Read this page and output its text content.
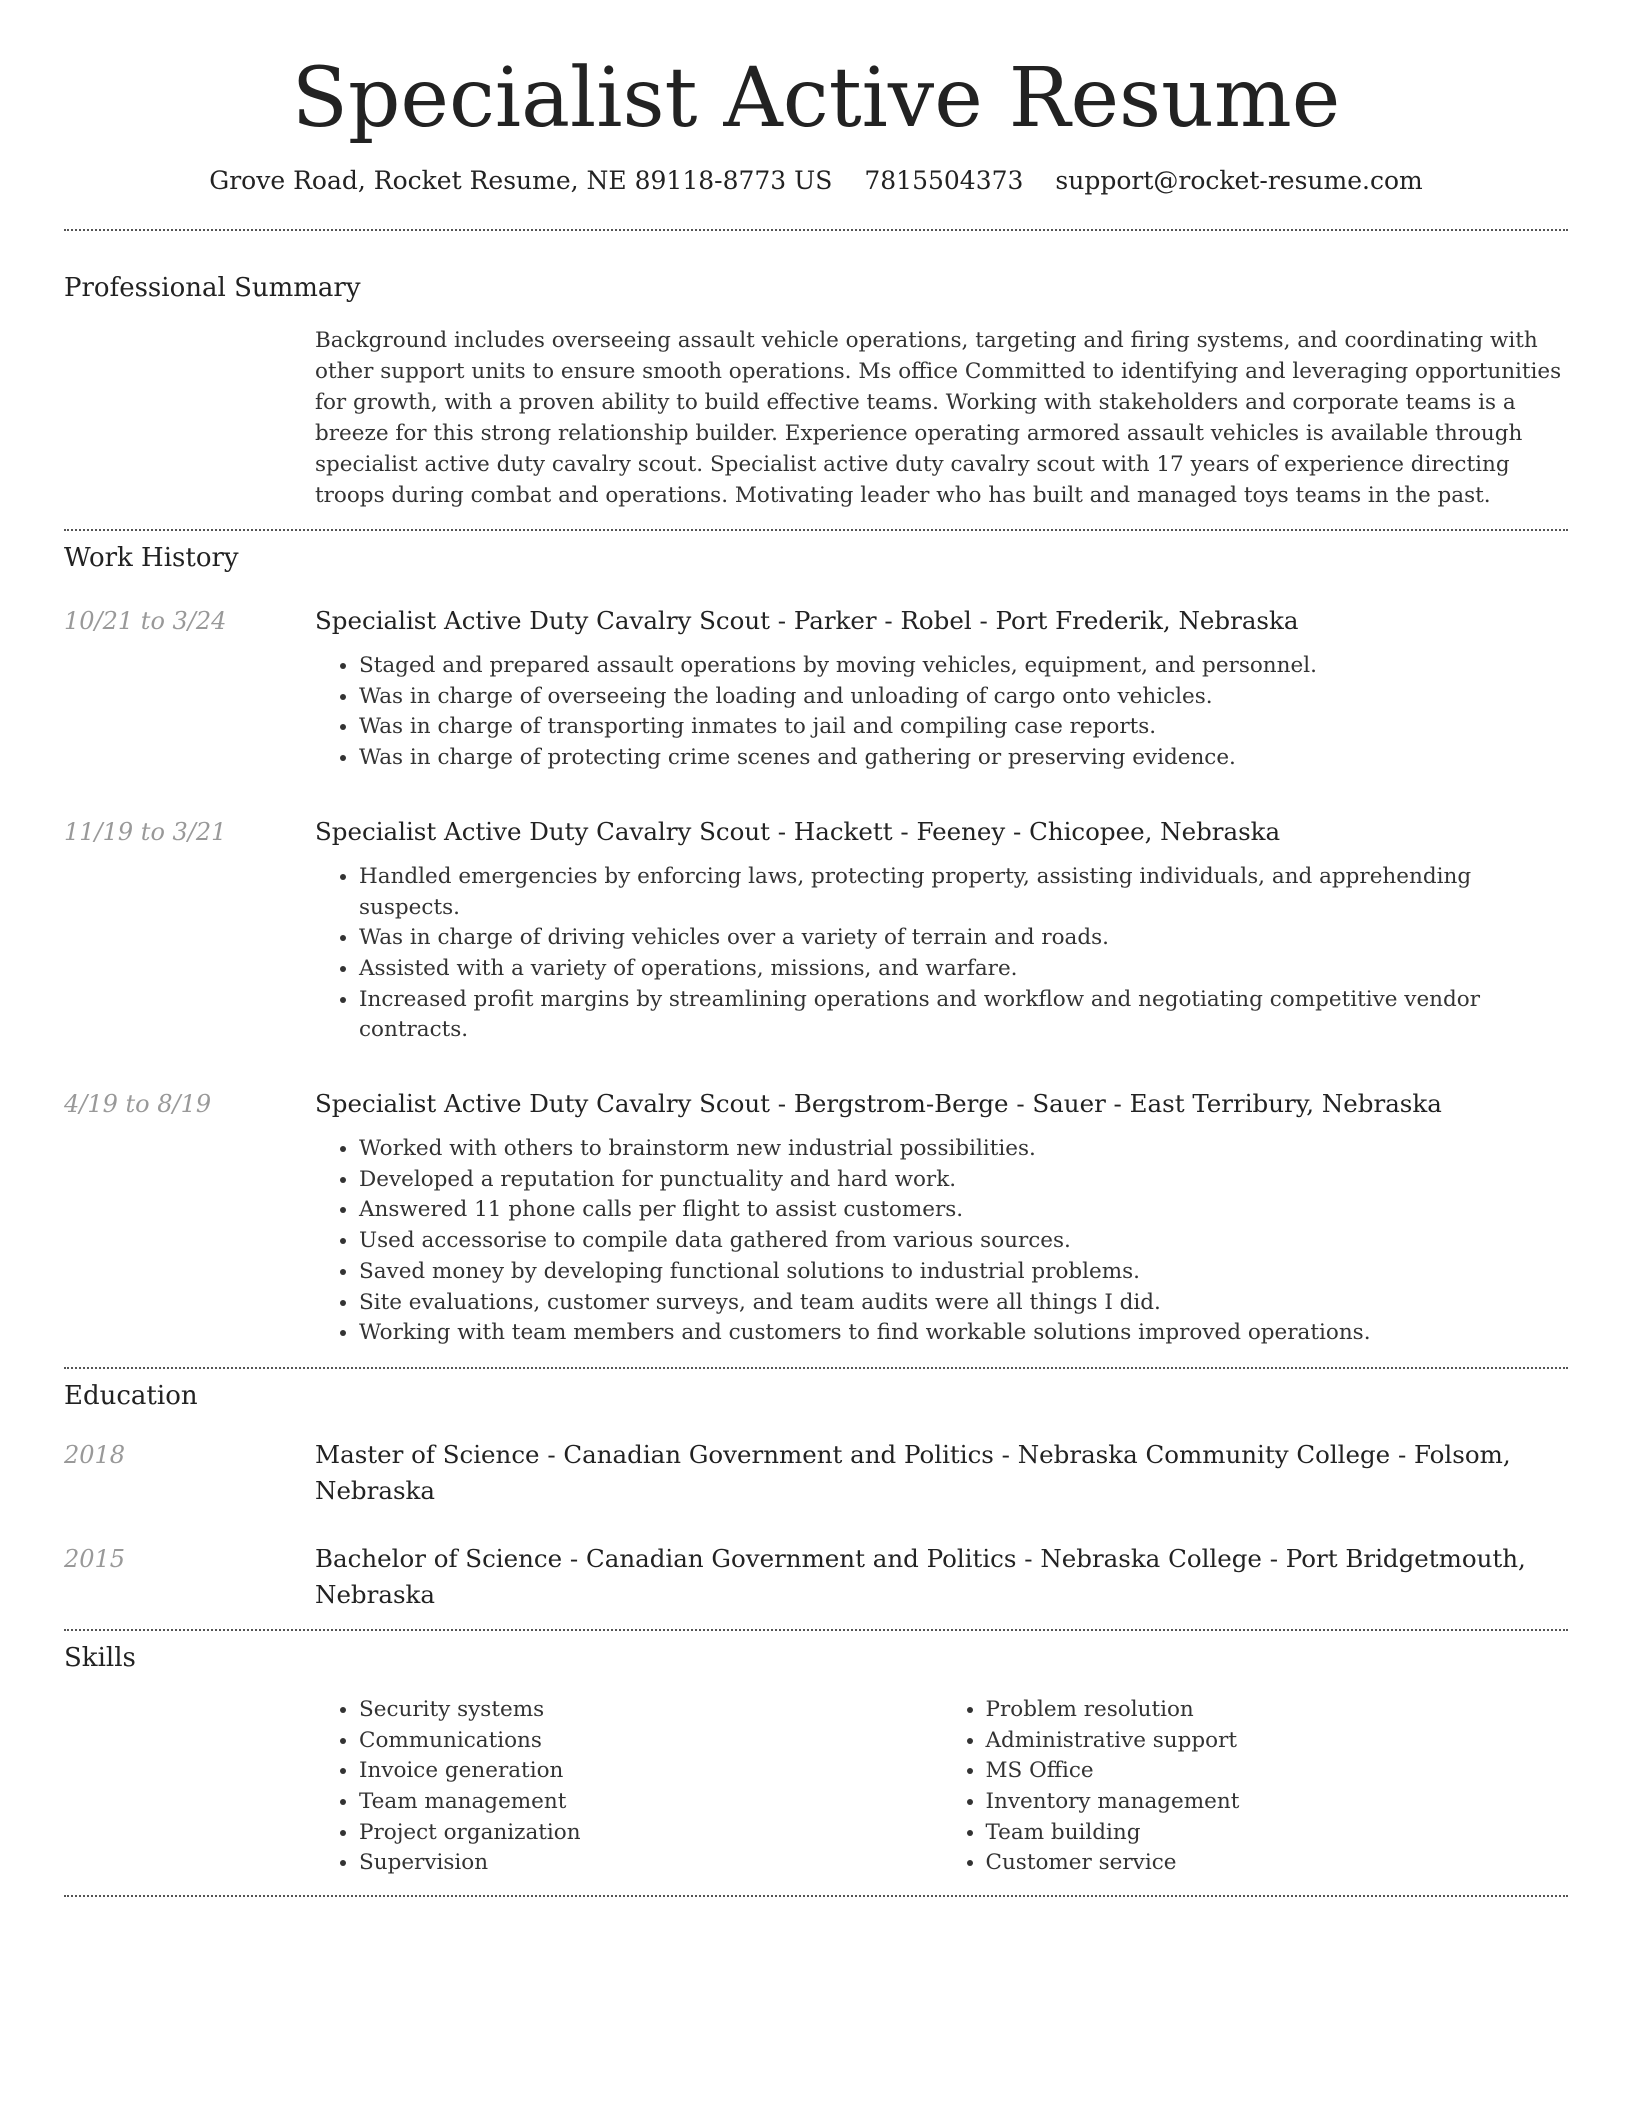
Specialist Active Resume
Grove Road, Rocket Resume, NE 89118-8773 US 7815504373 support@rocket-resume.com
Professional Summary
Background includes overseeing assault vehicle operations, targeting and firing systems, and coordinating with other support units to ensure smooth operations. Ms office Committed to identifying and leveraging opportunities for growth, with a proven ability to build effective teams. Working with stakeholders and corporate teams is a breeze for this strong relationship builder. Experience operating armored assault vehicles is available through specialist active duty cavalry scout. Specialist active duty cavalry scout with 17 years of experience directing troops during combat and operations. Motivating leader who has built and managed toys teams in the past.
Work History
10/21 to 3/24	Specialist Active Duty Cavalry Scout - Parker - Robel - Port Frederik, Nebraska
• Staged and prepared assault operations by moving vehicles, equipment, and personnel.
• Was in charge of overseeing the loading and unloading of cargo onto vehicles.
• Was in charge of transporting inmates to jail and compiling case reports.
• Was in charge of protecting crime scenes and gathering or preserving evidence.
11/19 to 3/21	Specialist Active Duty Cavalry Scout - Hackett - Feeney - Chicopee, Nebraska
• Handled emergencies by enforcing laws, protecting property, assisting individuals, and apprehending suspects.
• Was in charge of driving vehicles over a variety of terrain and roads.
• Assisted with a variety of operations, missions, and warfare.
• Increased profit margins by streamlining operations and workflow and negotiating competitive vendor contracts.
4/19 to 8/19	Specialist Active Duty Cavalry Scout - Bergstrom-Berge - Sauer - East Terribury, Nebraska
• Worked with others to brainstorm new industrial possibilities.
• Developed a reputation for punctuality and hard work.
• Answered 11 phone calls per flight to assist customers.
• Used accessorise to compile data gathered from various sources.
• Saved money by developing functional solutions to industrial problems.
• Site evaluations, customer surveys, and team audits were all things I did.
• Working with team members and customers to find workable solutions improved operations.
Education
2018	Master of Science - Canadian Government and Politics - Nebraska Community College - Folsom, Nebraska
2015	Bachelor of Science - Canadian Government and Politics - Nebraska College - Port Bridgetmouth, Nebraska
Skills
• Security systems
• Communications
• Invoice generation
• Team management
• Project organization
• Supervision
• Problem resolution
• Administrative support
• MS Office
• Inventory management
• Team building
• Customer service
